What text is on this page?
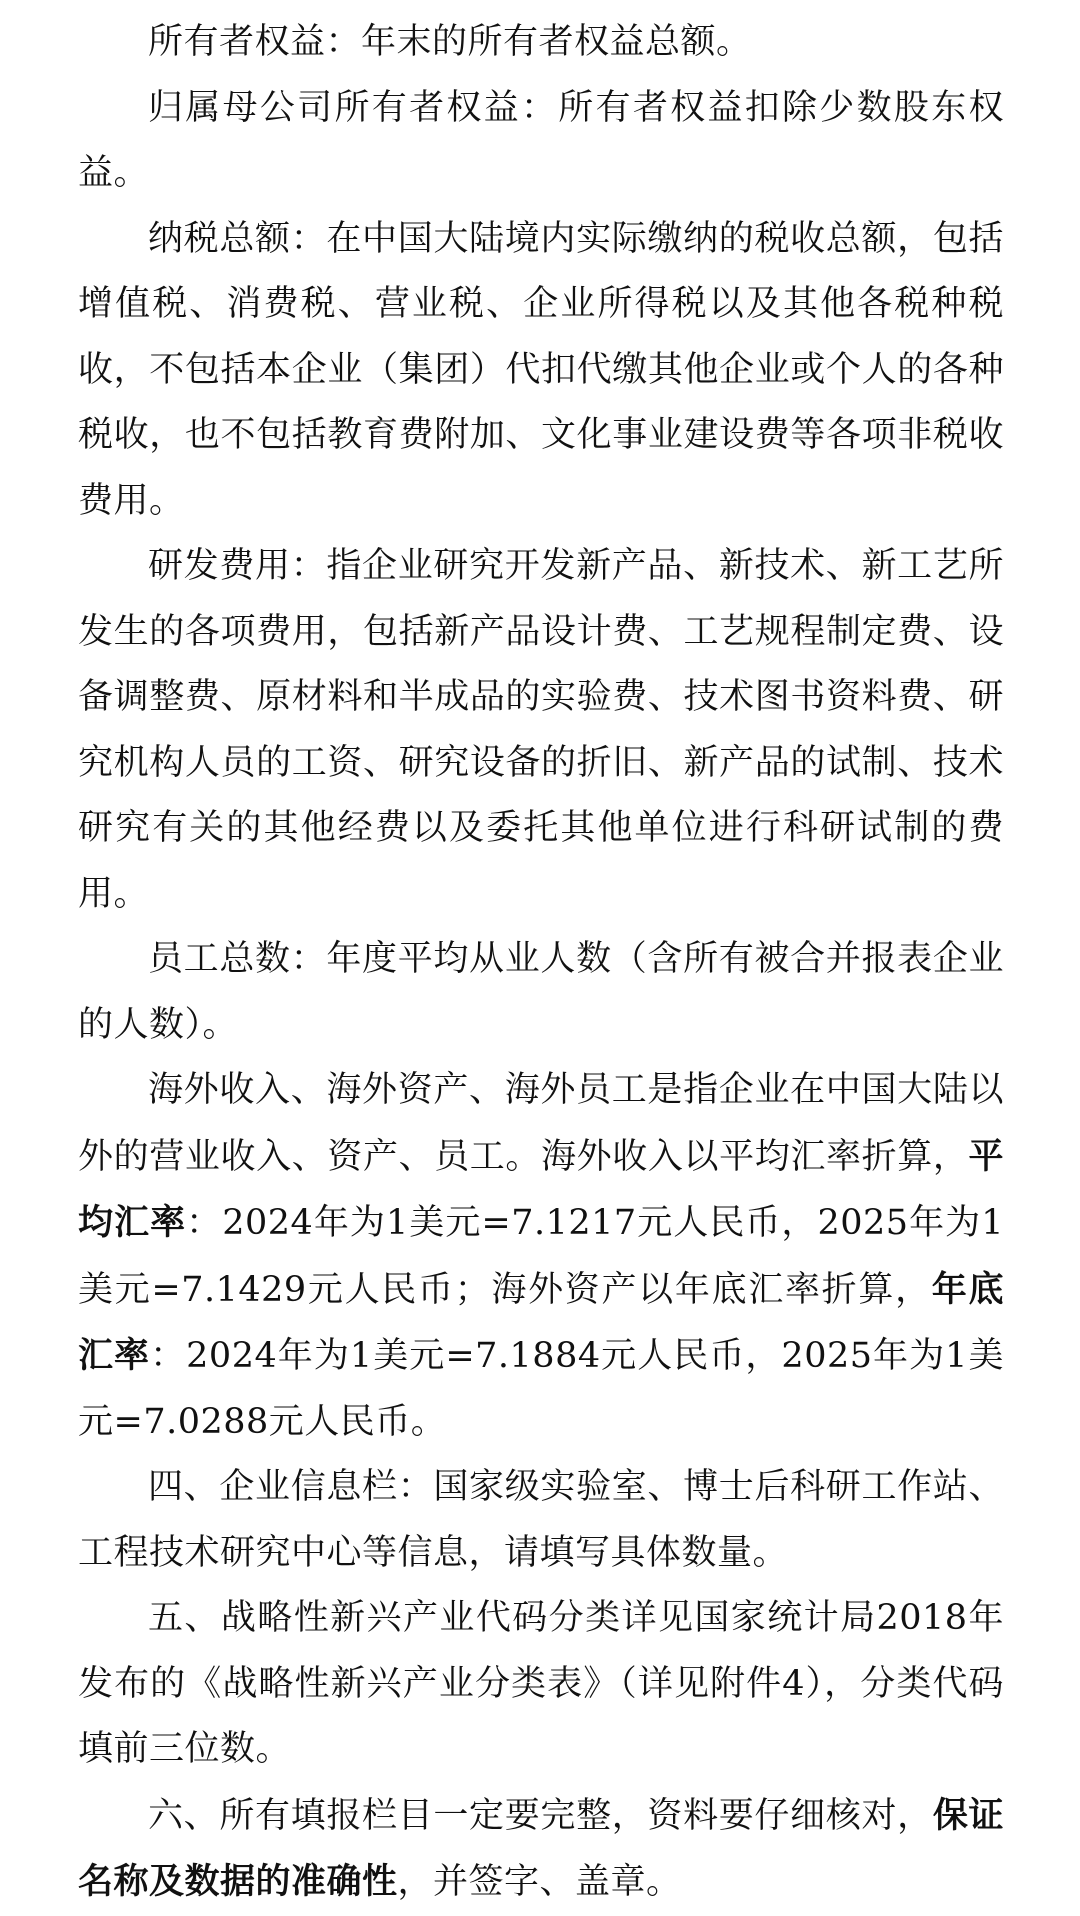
所有者权益：年末的所有者权益总额。

归属母公司所有者权益：所有者权益扣除少数股东权益。

纳税总额：在中国大陆境内实际缴纳的税收总额，包括增值税、消费税、营业税、企业所得税以及其他各税种税收，不包括本企业（集团）代扣代缴其他企业或个人的各种税收，也不包括教育费附加、文化事业建设费等各项非税收费用。

研发费用：指企业研究开发新产品、新技术、新工艺所发生的各项费用，包括新产品设计费、工艺规程制定费、设备调整费、原材料和半成品的实验费、技术图书资料费、研究机构人员的工资、研究设备的折旧、新产品的试制、技术研究有关的其他经费以及委托其他单位进行科研试制的费用。

员工总数：年度平均从业人数（含所有被合并报表企业的人数）。

海外收入、海外资产、海外员工是指企业在中国大陆以外的营业收入、资产、员工。海外收入以平均汇率折算，平均汇率：2024年为1美元=7.1217元人民币，2025年为1美元=7.1429元人民币；海外资产以年底汇率折算，年底汇率：2024年为1美元=7.1884元人民币，2025年为1美元=7.0288元人民币。

四、企业信息栏：国家级实验室、博士后科研工作站、工程技术研究中心等信息，请填写具体数量。

五、战略性新兴产业代码分类详见国家统计局2018年发布的《战略性新兴产业分类表》（详见附件4），分类代码填前三位数。

六、所有填报栏目一定要完整，资料要仔细核对，保证名称及数据的准确性，并签字、盖章。
